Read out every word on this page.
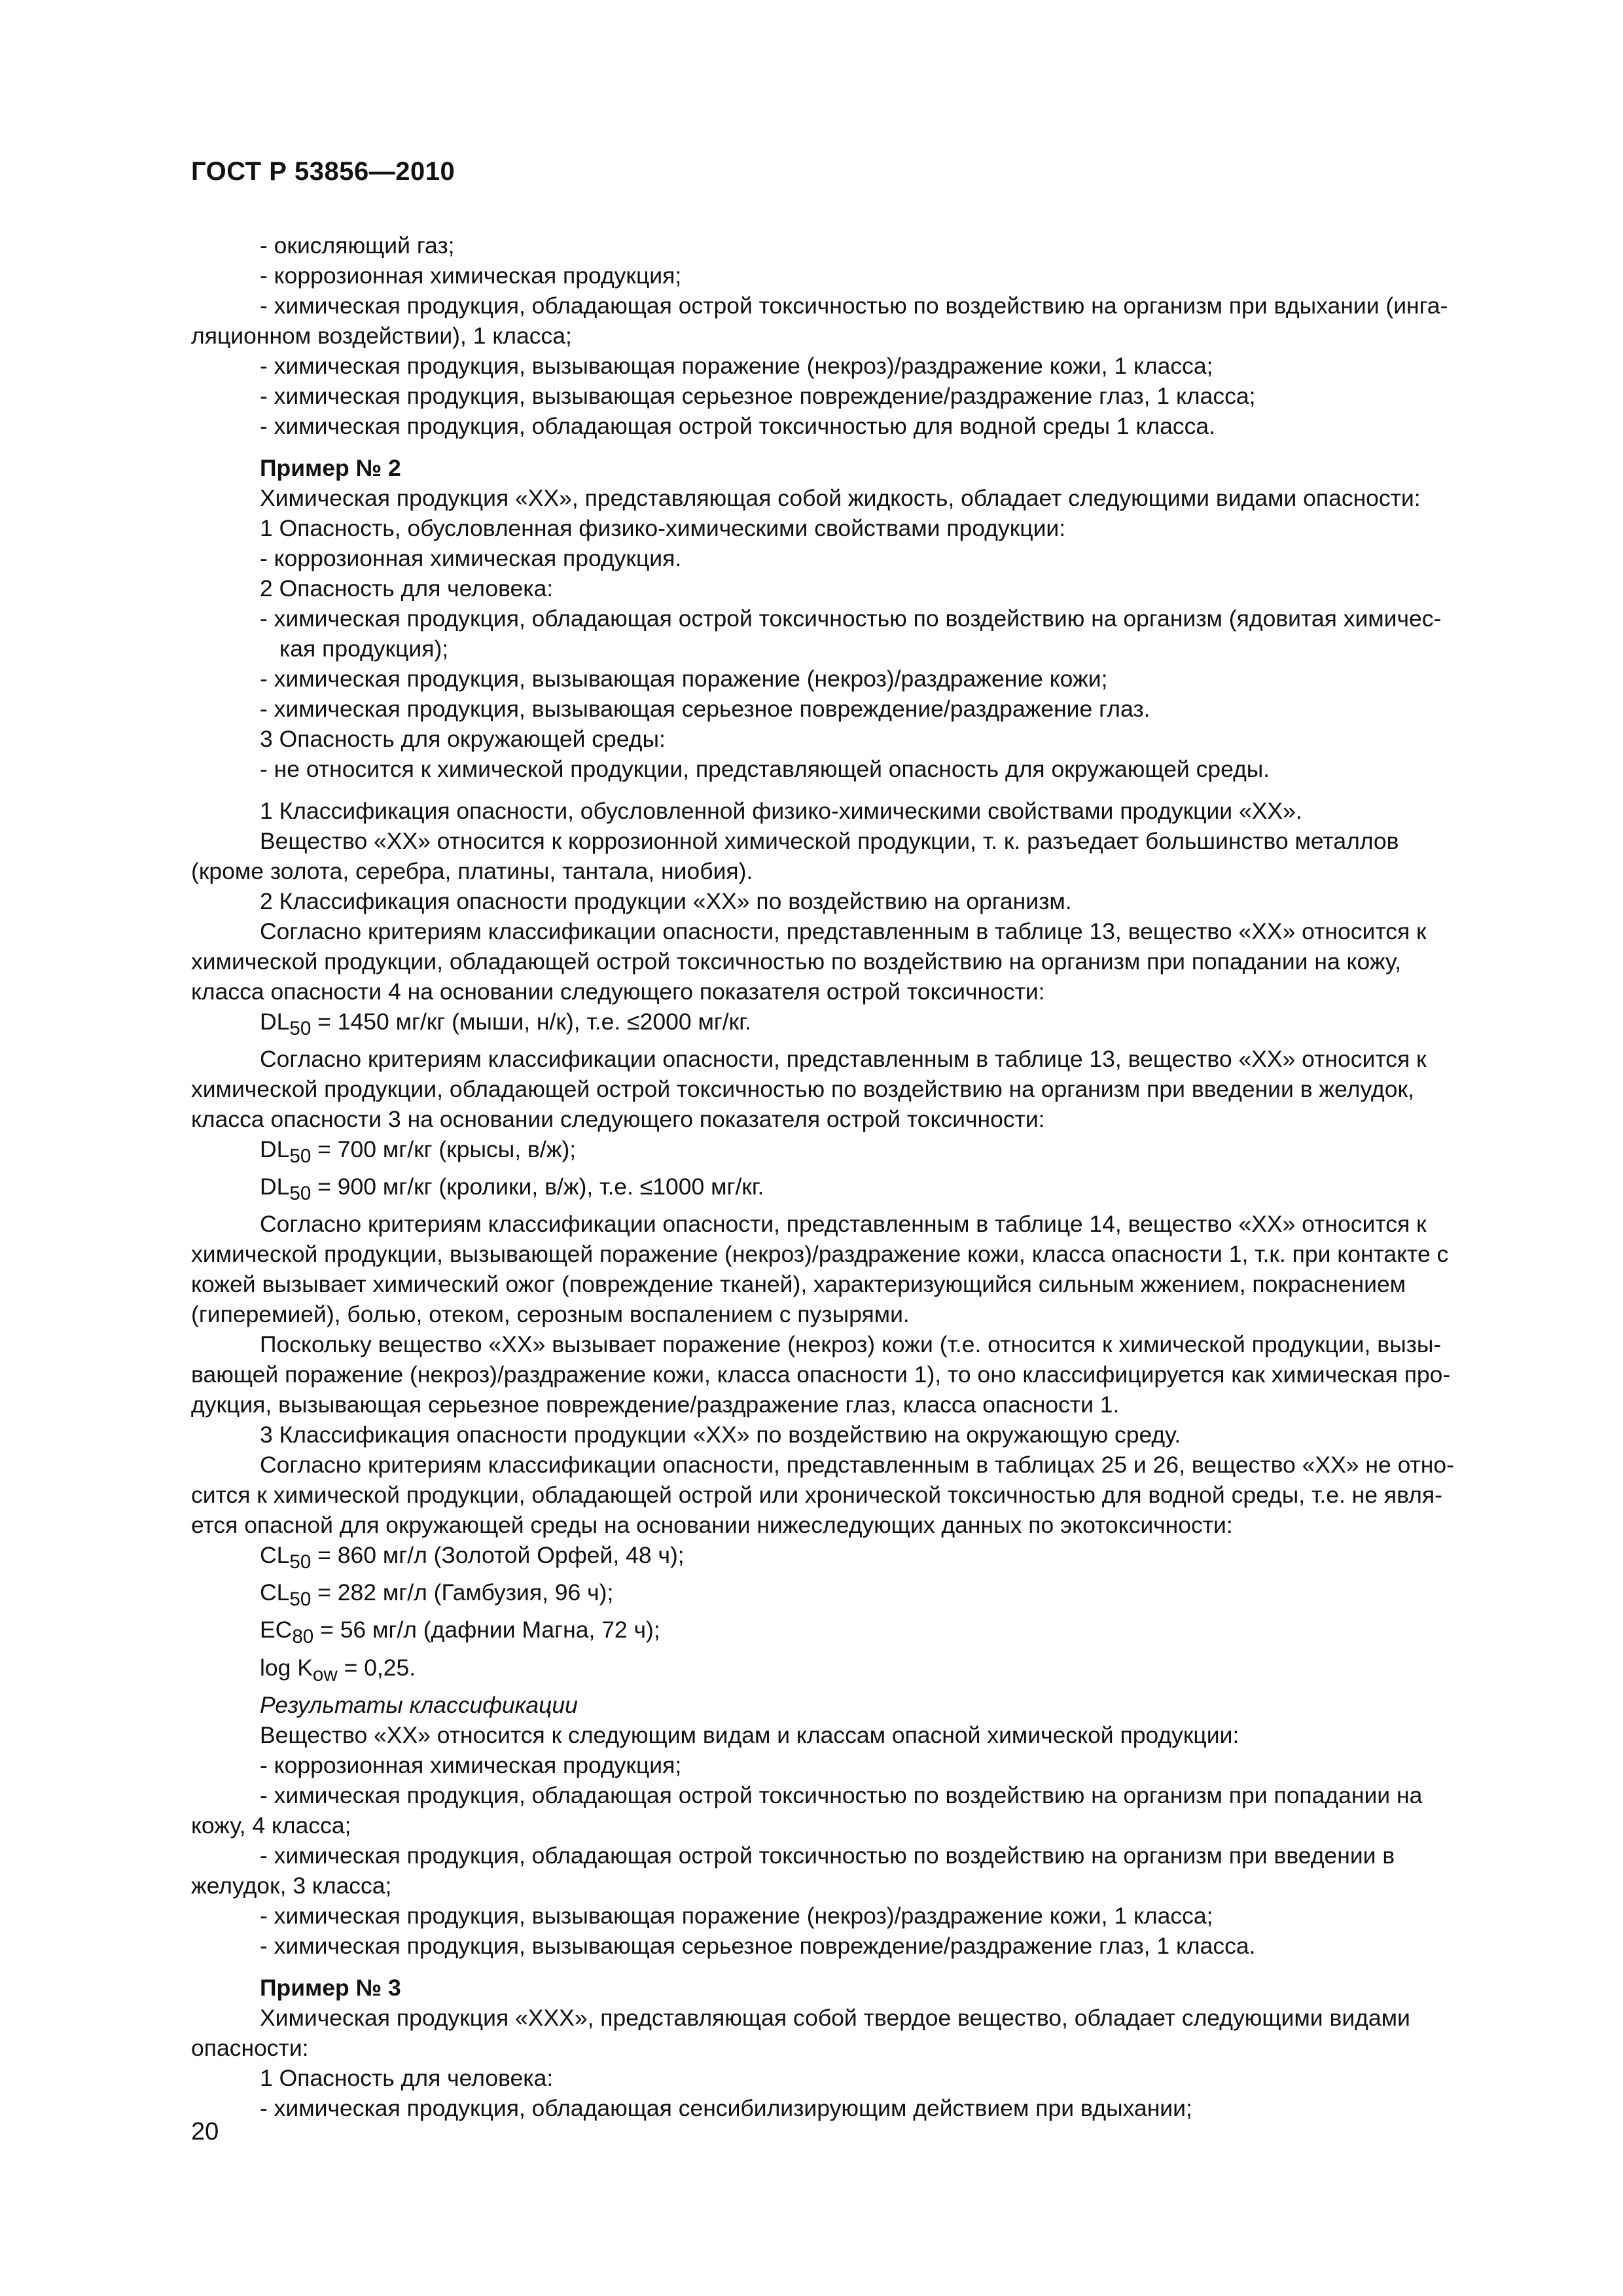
ГОСТ Р 53856—2010

- окисляющий газ;

- коррозионная химическая продукция;

- химическая продукция, обладающая острой токсичностью по воздействию на организм при вдыхании (инга-

ляционном воздействии), 1 класса;

- химическая продукция, вызывающая поражение (некроз)/раздражение кожи, 1 класса;

- химическая продукция, вызывающая серьезное повреждение/раздражение глаз, 1 класса;

- химическая продукция, обладающая острой токсичностью для водной среды 1 класса.

Пример № 2

Химическая продукция «XX», представляющая собой жидкость, обладает следующими видами опасности:

1 Опасность, обусловленная физико-химическими свойствами продукции:

- коррозионная химическая продукция.

2 Опасность для человека:

- химическая продукция, обладающая острой токсичностью по воздействию на организм (ядовитая химичес-

кая продукция);

- химическая продукция, вызывающая поражение (некроз)/раздражение кожи;

- химическая продукция, вызывающая серьезное повреждение/раздражение глаз.

3 Опасность для окружающей среды:

- не относится к химической продукции, представляющей опасность для окружающей среды.

1 Классификация опасности, обусловленной физико-химическими свойствами продукции «XX».

Вещество «XX» относится к коррозионной химической продукции, т. к. разъедает большинство металлов

(кроме золота, серебра, платины, тантала, ниобия).

2 Классификация опасности продукции «XX» по воздействию на организм.

Согласно критериям классификации опасности, представленным в таблице 13, вещество «XX» относится к

химической продукции, обладающей острой токсичностью по воздействию на организм при попадании на кожу,

класса опасности 4 на основании следующего показателя острой токсичности:

$DL_{50} = 1450$ мг/кг (мыши, н/к), т.е. ≤2000 мг/кг.

Согласно критериям классификации опасности, представленным в таблице 13, вещество «XX» относится к

химической продукции, обладающей острой токсичностью по воздействию на организм при введении в желудок,

класса опасности 3 на основании следующего показателя острой токсичности:

$DL_{50} = 700$ мг/кг (крысы, в/ж);

$DL_{50} = 900$ мг/кг (кролики, в/ж), т.е. ≤1000 мг/кг.

Согласно критериям классификации опасности, представленным в таблице 14, вещество «XX» относится к

химической продукции, вызывающей поражение (некроз)/раздражение кожи, класса опасности 1, т.к. при контакте с

кожей вызывает химический ожог (повреждение тканей), характеризующийся сильным жжением, покраснением

(гиперемией), болью, отеком, серозным воспалением с пузырями.

Поскольку вещество «XX» вызывает поражение (некроз) кожи (т.е. относится к химической продукции, вызы-

вающей поражение (некроз)/раздражение кожи, класса опасности 1), то оно классифицируется как химическая про-

дукция, вызывающая серьезное повреждение/раздражение глаз, класса опасности 1.

3 Классификация опасности продукции «XX» по воздействию на окружающую среду.

Согласно критериям классификации опасности, представленным в таблицах 25 и 26, вещество «XX» не отно-

сится к химической продукции, обладающей острой или хронической токсичностью для водной среды, т.е. не явля-

ется опасной для окружающей среды на основании нижеследующих данных по экотоксичности:

$CL_{50} = 860$ мг/л (Золотой Орфей, 48 ч);

$CL_{50} = 282$ мг/л (Гамбузия, 96 ч);

$EC_{80} = 56$ мг/л (дафнии Магна, 72 ч);

$\log K_{ow} = 0,25$.

Результаты классификации

Вещество «XX» относится к следующим видам и классам опасной химической продукции:

- коррозионная химическая продукция;

- химическая продукция, обладающая острой токсичностью по воздействию на организм при попадании на

кожу, 4 класса;

- химическая продукция, обладающая острой токсичностью по воздействию на организм при введении в

желудок, 3 класса;

- химическая продукция, вызывающая поражение (некроз)/раздражение кожи, 1 класса;

- химическая продукция, вызывающая серьезное повреждение/раздражение глаз, 1 класса.

Пример № 3

Химическая продукция «XXX», представляющая собой твердое вещество, обладает следующими видами

опасности:

1 Опасность для человека:

- химическая продукция, обладающая сенсибилизирующим действием при вдыхании;

20
